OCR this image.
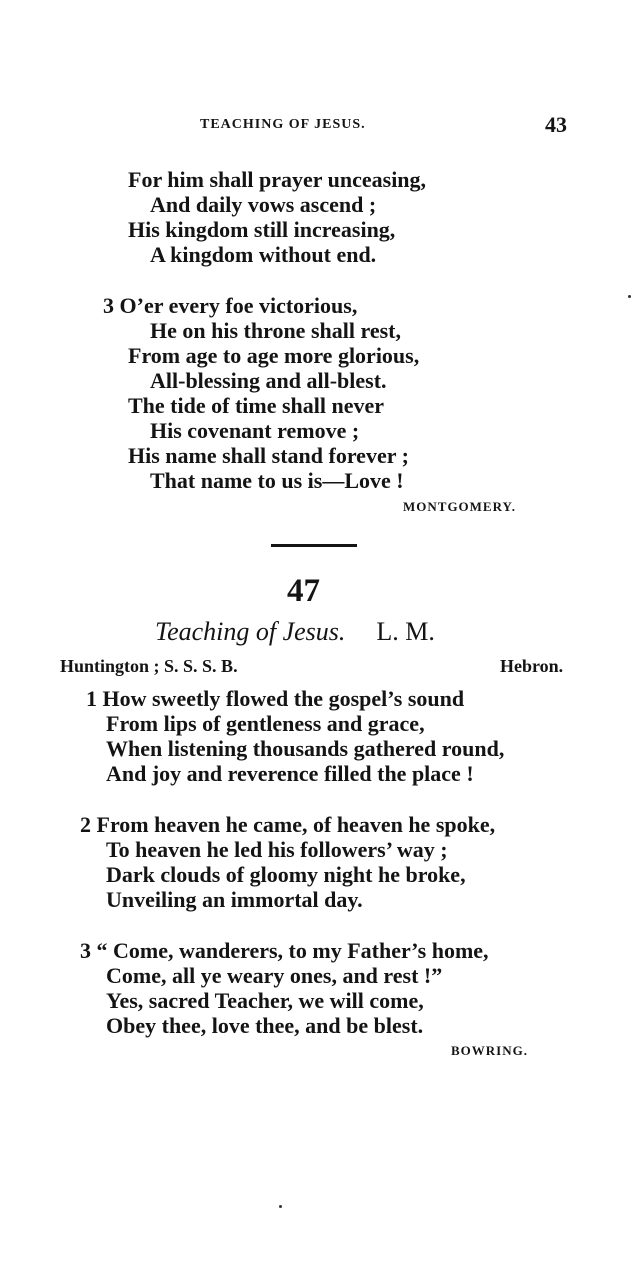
TEACHING OF JESUS.	43
For him shall prayer unceasing,
And daily vows ascend ;
His kingdom still increasing,
A kingdom without end.
3 O’er every foe victorious,
He on his throne shall rest,
From age to age more glorious,
All-blessing and all-blest.
The tide of time shall never
His covenant remove ;
His name shall stand forever ;
That name to us is—Love !
MONTGOMERY.
47
Teaching of Jesus. L. M.
Huntington ; S. S. S. B.	Hebron.
1 How sweetly flowed the gospel’s sound
From lips of gentleness and grace,
When listening thousands gathered round,
And joy and reverence filled the place !
2 From heaven he came, of heaven he spoke,
To heaven he led his followers’ way ;
Dark clouds of gloomy night he broke,
Unveiling an immortal day.
3 “ Come, wanderers, to my Father’s home,
Come, all ye weary ones, and rest !”
Yes, sacred Teacher, we will come,
Obey thee, love thee, and be blest.
BOWRING.
